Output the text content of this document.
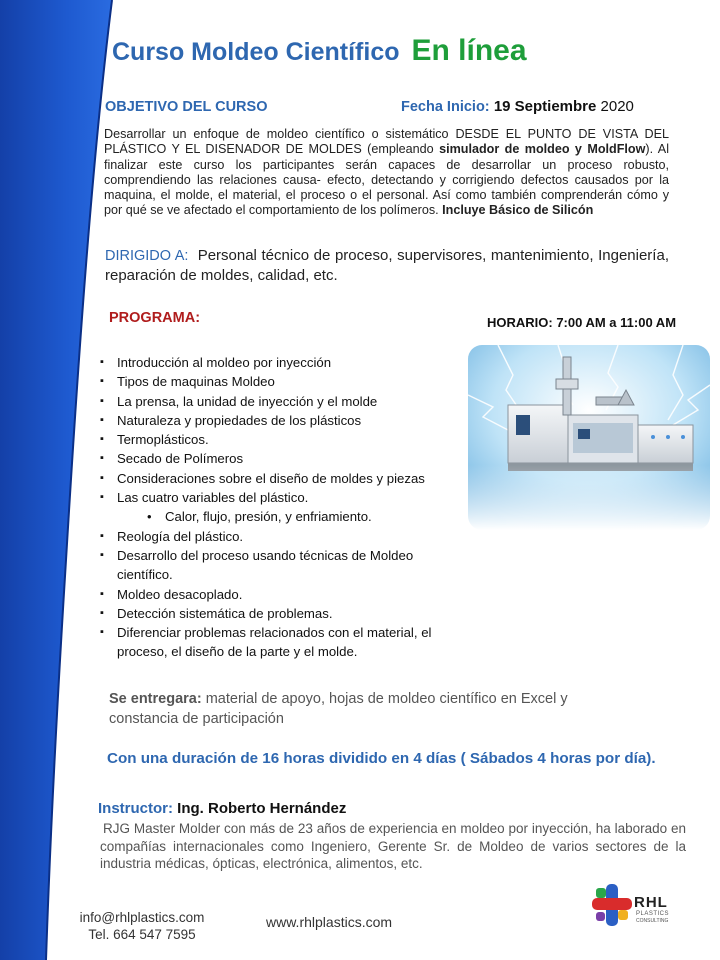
Curso Moldeo Científico En línea
OBJETIVO DEL CURSO	Fecha Inicio: 19 Septiembre 2020
Desarrollar un enfoque de moldeo científico o sistemático DESDE EL PUNTO DE VISTA DEL PLÁSTICO Y EL DISENADOR DE MOLDES (empleando simulador de moldeo y MoldFlow). Al finalizar este curso los participantes serán capaces de desarrollar un proceso robusto, comprendiendo las relaciones causa- efecto, detectando y corrigiendo defectos causados por la maquina, el molde, el material, el proceso o el personal. Así como también comprenderán cómo y por qué se ve afectado el comportamiento de los polímeros. Incluye Básico de Silicón
DIRIGIDO A: Personal técnico de proceso, supervisores, mantenimiento, Ingeniería, reparación de moldes, calidad, etc.
PROGRAMA:	HORARIO: 7:00 AM a 11:00 AM
▪ Introducción al moldeo por inyección
▪ Tipos de maquinas Moldeo
▪ La prensa, la unidad de inyección y el molde
▪ Naturaleza y propiedades de los plásticos
▪ Termoplásticos.
▪ Secado de Polímeros
▪ Consideraciones sobre el diseño de moldes y piezas
▪ Las cuatro variables del plástico.
• Calor, flujo, presión, y enfriamiento.
▪ Reología del plástico.
▪ Desarrollo del proceso usando técnicas de Moldeo científico.
▪ Moldeo desacoplado.
▪ Detección sistemática de problemas.
▪ Diferenciar problemas relacionados con el material, el proceso, el diseño de la parte y el molde.
Se entregara: material de apoyo, hojas de moldeo científico en Excel y constancia de participación
Con una duración de 16 horas dividido en 4 días ( Sábados 4 horas por día).
Instructor: Ing. Roberto Hernández
RJG Master Molder con más de 23 años de experiencia en moldeo por inyección, ha laborado en compañías internacionales como Ingeniero, Gerente Sr. de Moldeo de varios sectores de la industria médicas, ópticas, electrónica, alimentos, etc.
info@rhlplastics.com
Tel. 664 547 7595
www.rhlplastics.com
RHL
PLASTICS
CONSULTING
